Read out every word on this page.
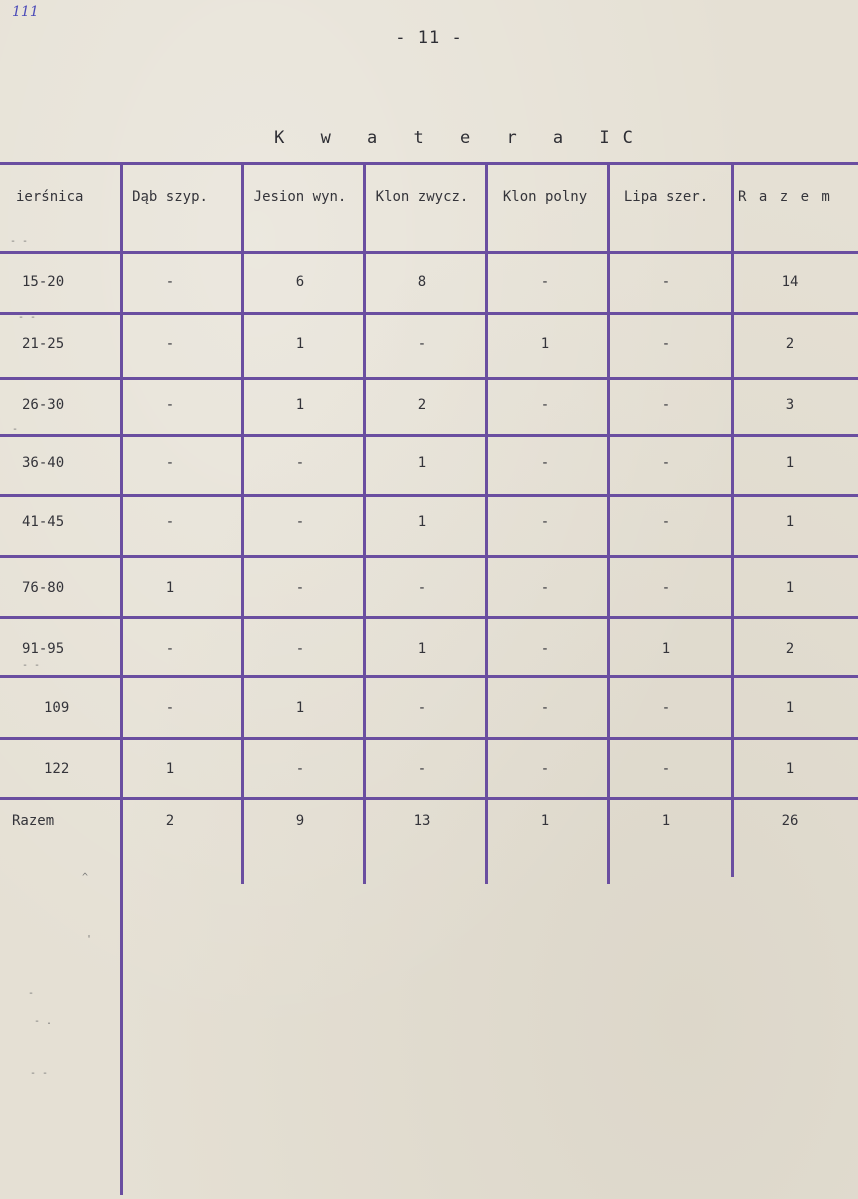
111
- 11 -
K w a t e r a IC
ierśnica	Dąb szyp.	Jesion wyn.	Klon zwycz.	Klon polny	Lipa szer.	R a z e m
15-20	-	6	8	-	-	14
21-25	-	1	-	1	-	2
26-30	-	1	2	-	-	3
36-40	-	-	1	-	-	1
41-45	-	-	1	-	-	1
76-80	1	-	-	-	-	1
91-95	-	-	1	-	1	2
109	-	1	-	-	-	1
122	1	-	-	-	-	1
Razem	2	9	13	1	1	26
- -
- -
-
- -
^
'
- .
- -
-
